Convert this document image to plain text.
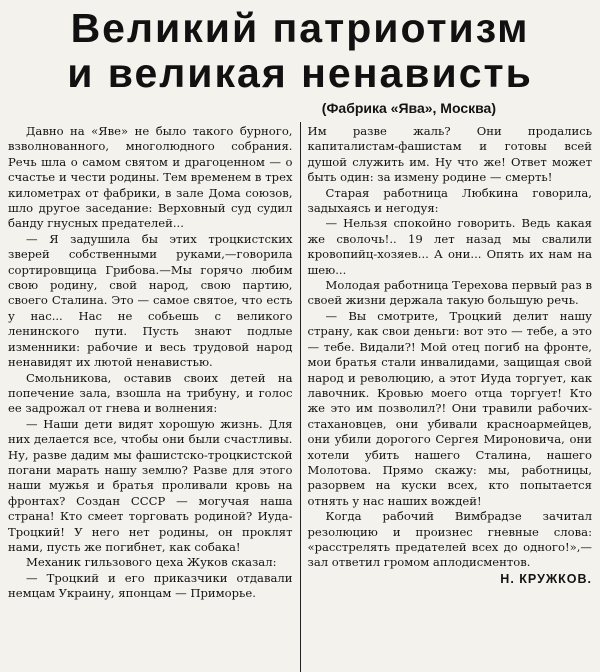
Великий патриотизм
и великая ненависть
(Фабрика «Ява», Москва)

Давно на «Яве» не было такого бурного, взволнованного, многолюдного собрания. Речь шла о самом святом и драгоценном — о счастье и чести родины. Тем временем в трех километрах от фабрики, в зале Дома союзов, шло другое заседание: Верховный суд судил банду гнусных предателей...

— Я задушила бы этих троцкистских зверей собственными руками,—говорила сортировщица Грибова.—Мы горячо любим свою родину, свой народ, свою партию, своего Сталина. Это — самое святое, что есть у нас... Нас не собьешь с великого ленинского пути. Пусть знают подлые изменники: рабочие и весь трудовой народ ненавидят их лютой ненавистью.

Смольникова, оставив своих детей на попечение зала, взошла на трибуну, и голос ее задрожал от гнева и волнения:

— Наши дети видят хорошую жизнь. Для них делается все, чтобы они были счастливы. Ну, разве дадим мы фашистско-троцкистской погани марать нашу землю? Разве для этого наши мужья и братья проливали кровь на фронтах? Создан СССР — могучая наша страна! Кто смеет торговать родиной? Иуда-Троцкий! У него нет родины, он проклят нами, пусть же погибнет, как собака!

Механик гильзового цеха Жуков сказал:

— Троцкий и его приказчики отдавали немцам Украину, японцам — Приморье.

Им разве жаль? Они продались капиталистам-фашистам и готовы всей душой служить им. Ну что же! Ответ может быть один: за измену родине — смерть!

Старая работница Любкина говорила, задыхаясь и негодуя:

— Нельзя спокойно говорить. Ведь какая же сволочь!.. 19 лет назад мы свалили кровопийц-хозяев... А они... Опять их нам на шею...

Молодая работница Терехова первый раз в своей жизни держала такую большую речь.

— Вы смотрите, Троцкий делит нашу страну, как свои деньги: вот это — тебе, а это — тебе. Видали?! Мой отец погиб на фронте, мои братья стали инвалидами, защищая свой народ и революцию, а этот Иуда торгует, как лавочник. Кровью моего отца торгует! Кто же это им позволил?! Они травили рабочих-стахановцев, они убивали красноармейцев, они убили дорогого Сергея Мироновича, они хотели убить нашего Сталина, нашего Молотова. Прямо скажу: мы, работницы, разорвем на куски всех, кто попытается отнять у нас наших вождей!

Когда рабочий Вимбрадзе зачитал резолюцию и произнес гневные слова: «расстрелять предателей всех до одного!»,—зал ответил громом аплодисментов.

Н. КРУЖКОВ.
